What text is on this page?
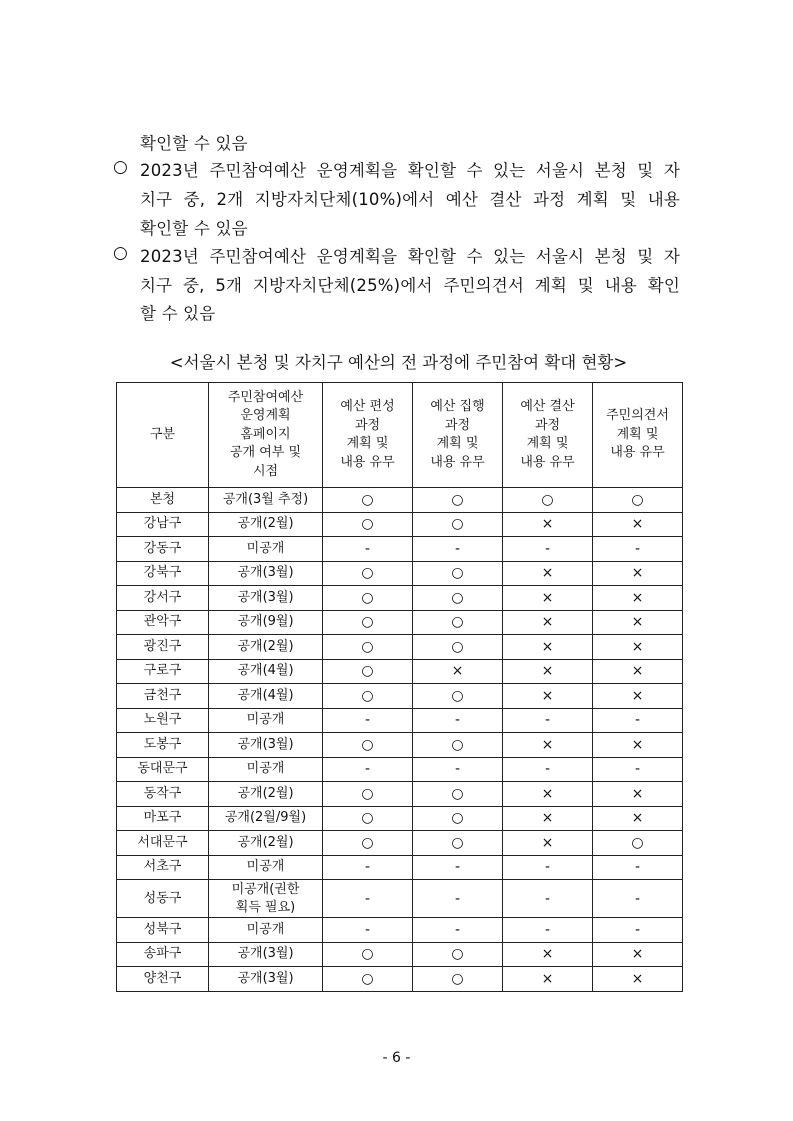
확인할 수 있음
○ 2023년 주민참여예산 운영계획을 확인할 수 있는 서울시 본청 및 자
치구 중, 2개 지방자치단체(10%)에서 예산 결산 과정 계획 및 내용
확인할 수 있음
○ 2023년 주민참여예산 운영계획을 확인할 수 있는 서울시 본청 및 자
치구 중, 5개 지방자치단체(25%)에서 주민의견서 계획 및 내용 확인
할 수 있음
<서울시 본청 및 자치구 예산의 전 과정에 주민참여 확대 현황>
구분	주민참여예산
운영계획
홈페이지
공개 여부 및
시점	예산 편성
과정
계획 및
내용 유무	예산 집행
과정
계획 및
내용 유무	예산 결산
과정
계획 및
내용 유무	주민의견서
계획 및
내용 유무
본청	공개(3월 추정)	○	○	○	○
강남구	공개(2월)	○	○	×	×
강동구	미공개	-	-	-	-
강북구	공개(3월)	○	○	×	×
강서구	공개(3월)	○	○	×	×
관악구	공개(9월)	○	○	×	×
광진구	공개(2월)	○	○	×	×
구로구	공개(4월)	○	×	×	×
금천구	공개(4월)	○	○	×	×
노원구	미공개	-	-	-	-
도봉구	공개(3월)	○	○	×	×
동대문구	미공개	-	-	-	-
동작구	공개(2월)	○	○	×	×
마포구	공개(2월/9월)	○	○	×	×
서대문구	공개(2월)	○	○	×	○
서초구	미공개	-	-	-	-
성동구	미공개(권한
획득 필요)	-	-	-	-
성북구	미공개	-	-	-	-
송파구	공개(3월)	○	○	×	×
양천구	공개(3월)	○	○	×	×
- 6 -
